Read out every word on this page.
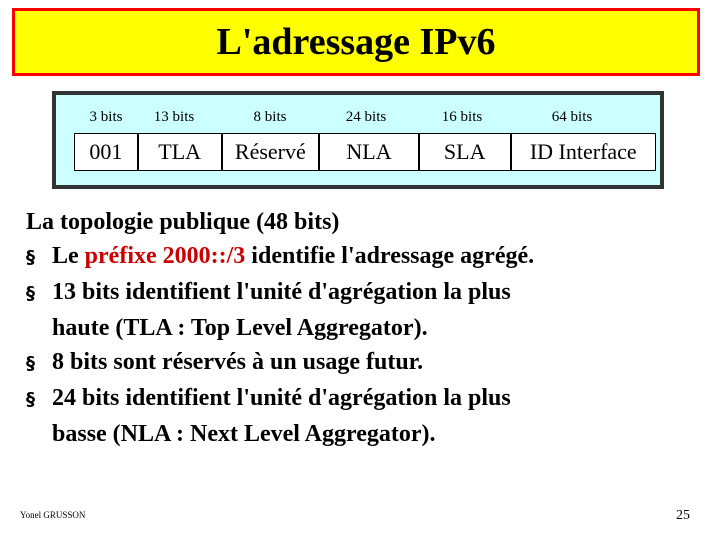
L'adressage IPv6
3 bits 13 bits	8 bits	24 bits	16 bits	64 bits
001	TLA	Réservé	NLA	SLA	ID Interface
La topologie publique (48 bits)
§ Le préfixe 2000::/3 identifie l'adressage agrégé.
§ 13 bits identifient l'unité d'agrégation la plus
haute (TLA : Top Level Aggregator).
§ 8 bits sont réservés à un usage futur.
§ 24 bits identifient l'unité d'agrégation la plus
basse (NLA : Next Level Aggregator).
Yonel GRUSSON	25
